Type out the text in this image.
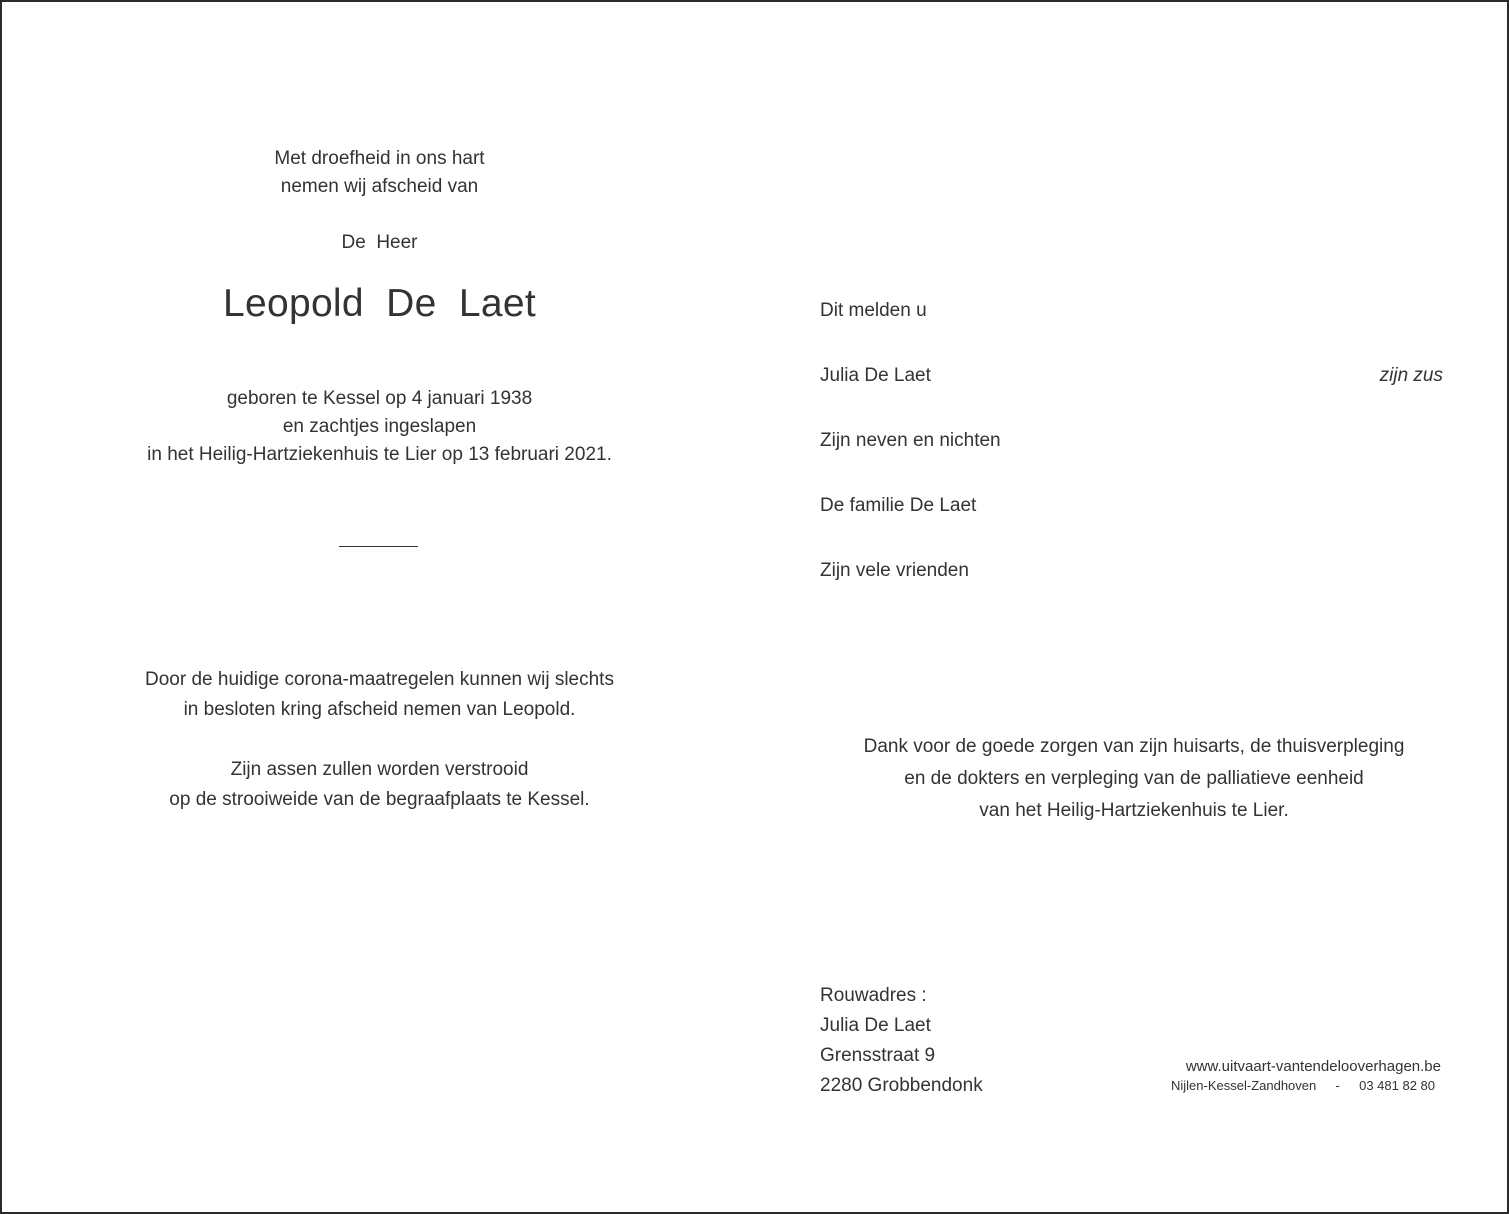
Met droefheid in ons hart
nemen wij afscheid van
De  Heer
Leopold  De  Laet
geboren te Kessel op 4 januari 1938
en zachtjes ingeslapen
in het Heilig-Hartziekenhuis te Lier op 13 februari 2021.
Door de huidige corona-maatregelen kunnen wij slechts
in besloten kring afscheid nemen van Leopold.
Zijn assen zullen worden verstrooid
op de strooiweide van de begraafplaats te Kessel.
Dit melden u
Julia De Laet	zijn zus
Zijn neven en nichten
De familie De Laet
Zijn vele vrienden
Dank voor de goede zorgen van zijn huisarts, de thuisverpleging
en de dokters en verpleging van de palliatieve eenheid
van het Heilig-Hartziekenhuis te Lier.
Rouwadres :
Julia De Laet
Grensstraat 9
2280 Grobbendonk
www.uitvaart-vantendelooverhagen.be
Nijlen-Kessel-Zandhoven - 03 481 82 80
